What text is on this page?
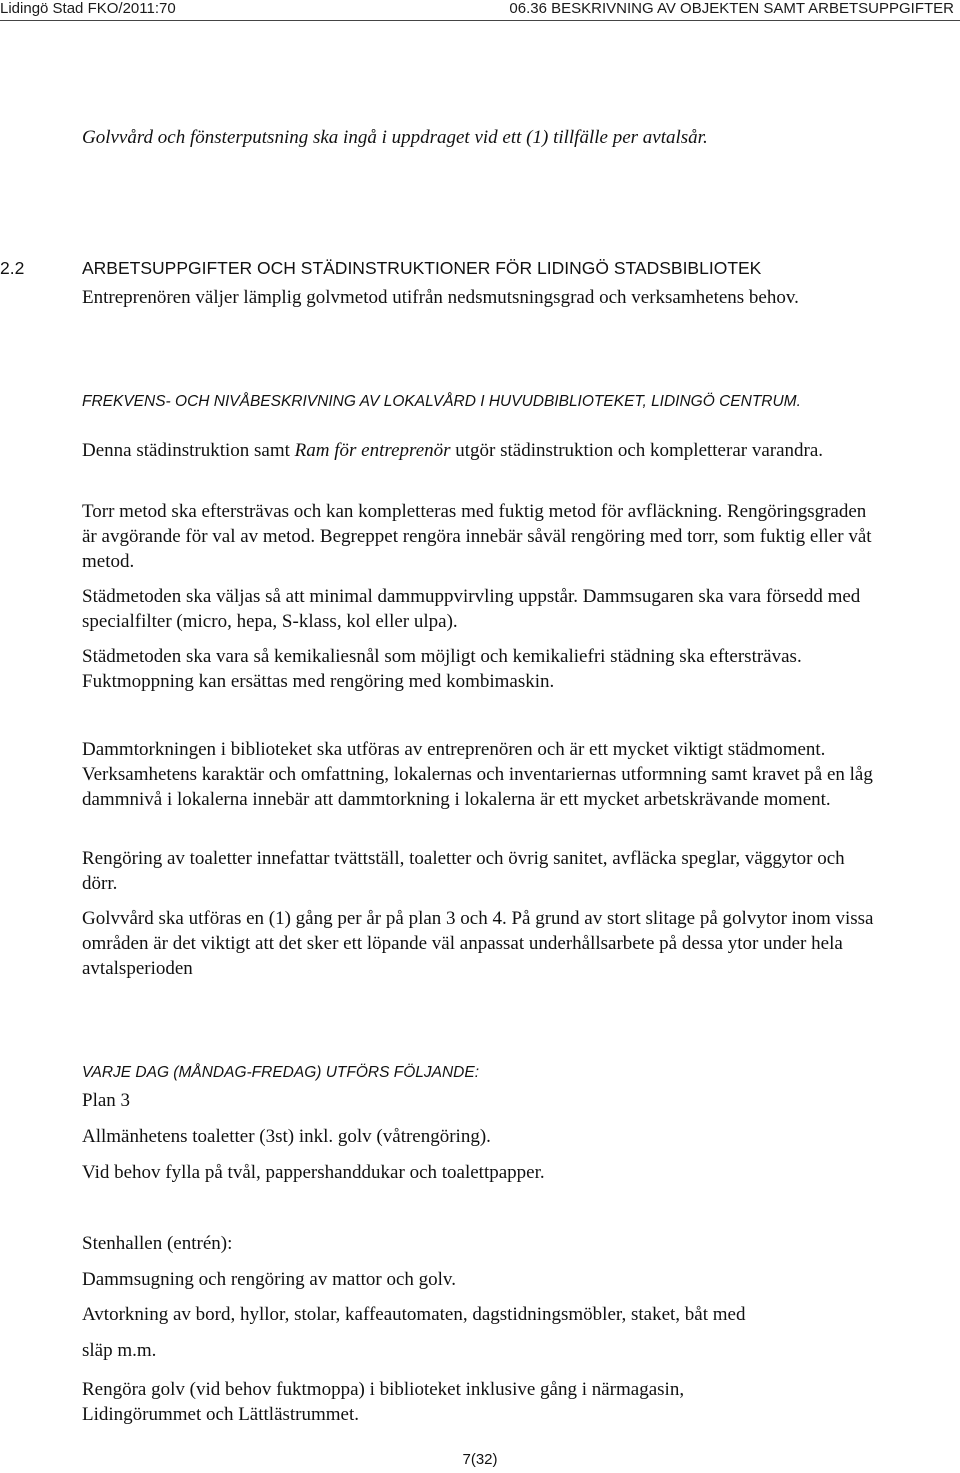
Lidingö Stad FKO/2011:70	06.36 BESKRIVNING AV OBJEKTEN SAMT ARBETSUPPGIFTER
Golvvård och fönsterputsning ska ingå i uppdraget vid ett (1) tillfälle per avtalsår.
2.2	ARBETSUPPGIFTER OCH STÄDINSTRUKTIONER FÖR LIDINGÖ STADSBIBLIOTEK
Entreprenören väljer lämplig golvmetod utifrån nedsmutsningsgrad och verksamhetens behov.
FREKVENS- OCH NIVÅBESKRIVNING AV LOKALVÅRD I HUVUDBIBLIOTEKET, LIDINGÖ CENTRUM.
Denna städinstruktion samt Ram för entreprenör utgör städinstruktion och kompletterar varandra.
Torr metod ska eftersträvas och kan kompletteras med fuktig metod för avfläckning. Rengöringsgraden är avgörande för val av metod. Begreppet rengöra innebär såväl rengöring med torr, som fuktig eller våt metod.
Städmetoden ska väljas så att minimal dammuppvirvling uppstår. Dammsugaren ska vara försedd med specialfilter (micro, hepa, S-klass, kol eller ulpa).
Städmetoden ska vara så kemikaliesnål som möjligt och kemikaliefri städning ska eftersträvas. Fuktmoppning kan ersättas med rengöring med kombimaskin.
Dammtorkningen i biblioteket ska utföras av entreprenören och är ett mycket viktigt städmoment. Verksamhetens karaktär och omfattning, lokalernas och inventariernas utformning samt kravet på en låg dammnivå i lokalerna innebär att dammtorkning i lokalerna är ett mycket arbetskrävande moment.
Rengöring av toaletter innefattar tvättställ, toaletter och övrig sanitet, avfläcka speglar, väggytor och dörr.
Golvvård ska utföras en (1) gång per år på plan 3 och 4. På grund av stort slitage på golvytor inom vissa områden är det viktigt att det sker ett löpande väl anpassat underhållsarbete på dessa ytor under hela avtalsperioden
VARJE DAG (MÅNDAG-FREDAG) UTFÖRS FÖLJANDE:
Plan 3
Allmänhetens toaletter (3st) inkl. golv (våtrengöring).
Vid behov fylla på tvål, pappershanddukar och toalettpapper.
Stenhallen (entrén):
Dammsugning och rengöring av mattor och golv.
Avtorkning av bord, hyllor, stolar, kaffeautomaten, dagstidningsmöbler, staket, båt med
släp m.m.
Rengöra golv (vid behov fuktmoppa) i biblioteket inklusive gång i närmagasin, Lidingörummet och Lättlästrummet.
7(32)
